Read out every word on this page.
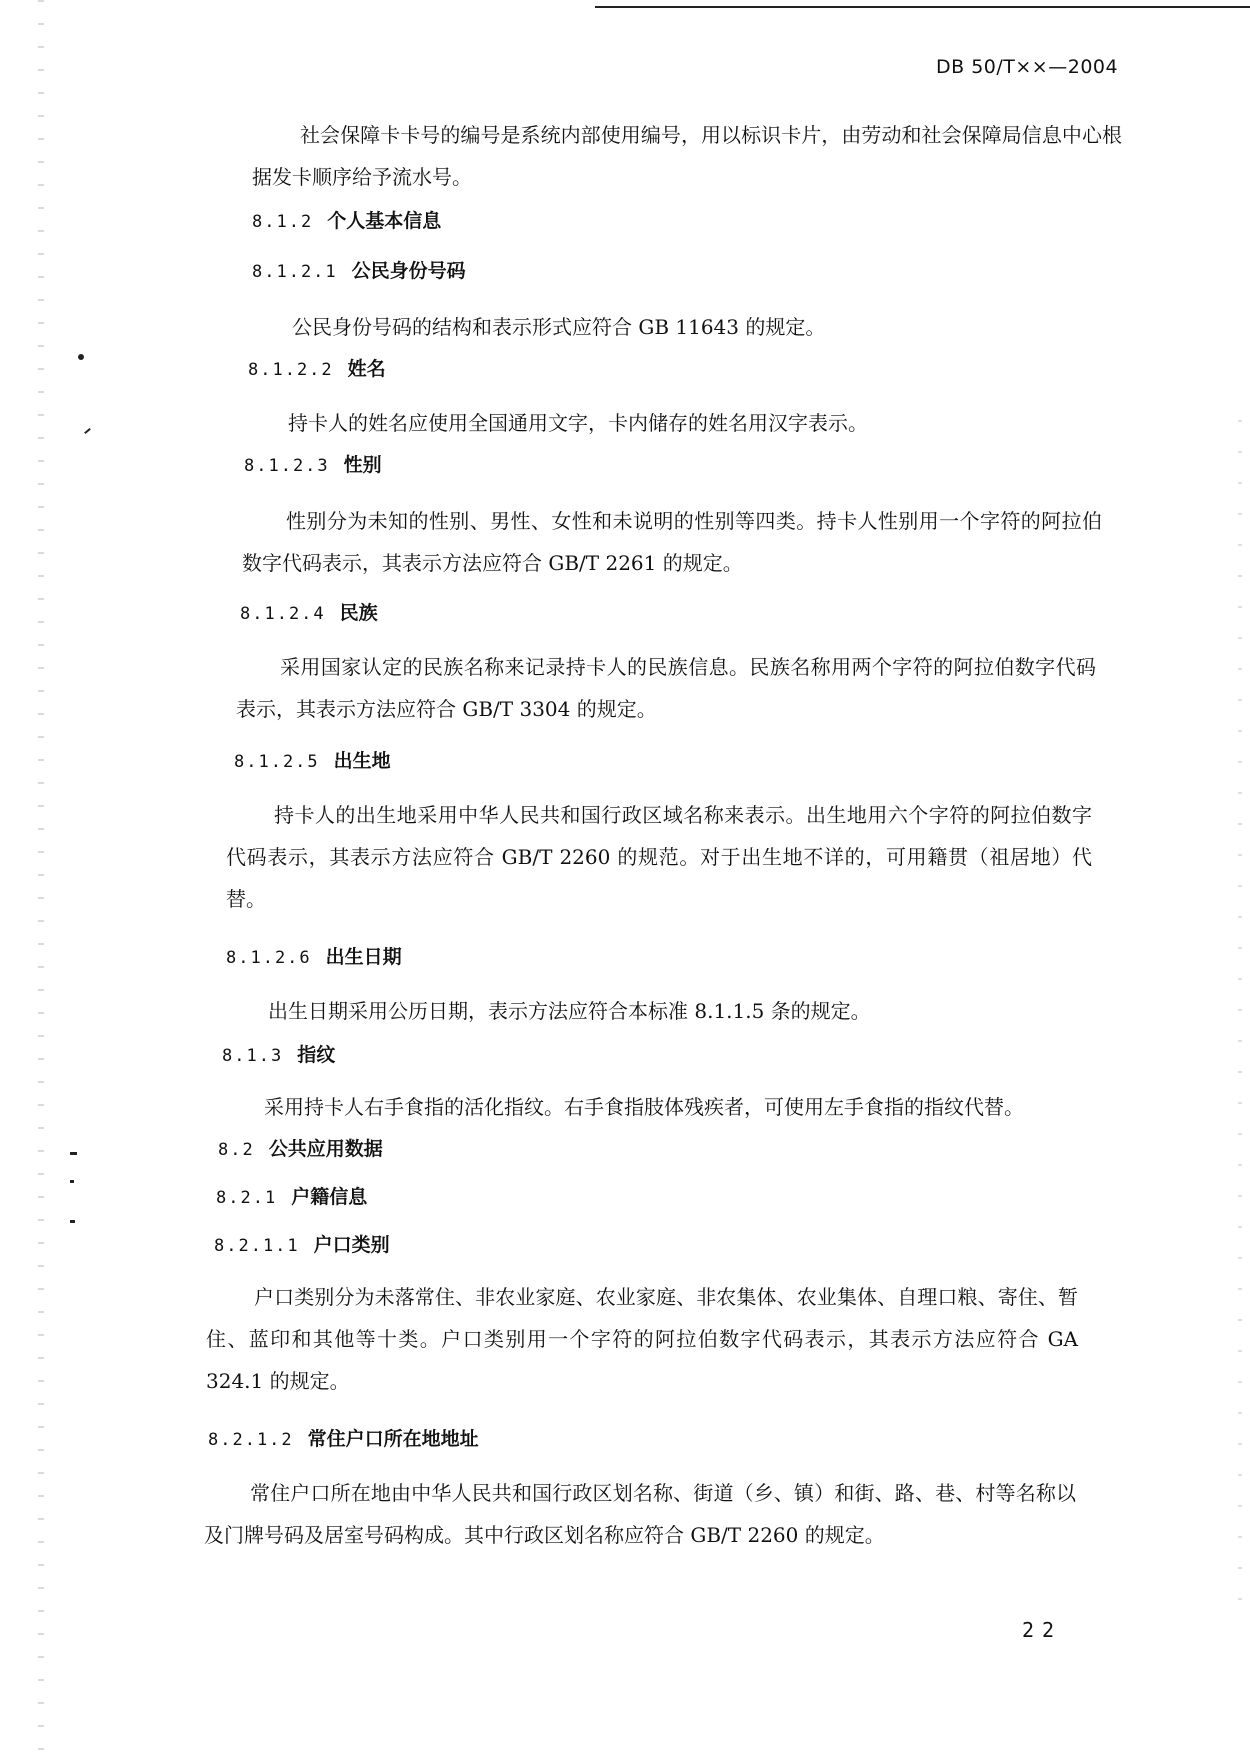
DB 50/T××—2004
社会保障卡卡号的编号是系统内部使用编号，用以标识卡片，由劳动和社会保障局信息中心根据发卡顺序给予流水号。
8.1.2 个人基本信息
8.1.2.1 公民身份号码
公民身份号码的结构和表示形式应符合 GB 11643 的规定。
8.1.2.2 姓名
持卡人的姓名应使用全国通用文字，卡内储存的姓名用汉字表示。
8.1.2.3 性别
性别分为未知的性别、男性、女性和未说明的性别等四类。持卡人性别用一个字符的阿拉伯数字代码表示，其表示方法应符合 GB/T 2261 的规定。
8.1.2.4 民族
采用国家认定的民族名称来记录持卡人的民族信息。民族名称用两个字符的阿拉伯数字代码表示，其表示方法应符合 GB/T 3304 的规定。
8.1.2.5 出生地
持卡人的出生地采用中华人民共和国行政区域名称来表示。出生地用六个字符的阿拉伯数字代码表示，其表示方法应符合 GB/T 2260 的规范。对于出生地不详的，可用籍贯（祖居地）代替。
8.1.2.6 出生日期
出生日期采用公历日期，表示方法应符合本标准 8.1.1.5 条的规定。
8.1.3 指纹
采用持卡人右手食指的活化指纹。右手食指肢体残疾者，可使用左手食指的指纹代替。
8.2 公共应用数据
8.2.1 户籍信息
8.2.1.1 户口类别
户口类别分为未落常住、非农业家庭、农业家庭、非农集体、农业集体、自理口粮、寄住、暂住、蓝印和其他等十类。户口类别用一个字符的阿拉伯数字代码表示，其表示方法应符合 GA 324.1 的规定。
8.2.1.2 常住户口所在地地址
常住户口所在地由中华人民共和国行政区划名称、街道（乡、镇）和街、路、巷、村等名称以及门牌号码及居室号码构成。其中行政区划名称应符合 GB/T 2260 的规定。
22
